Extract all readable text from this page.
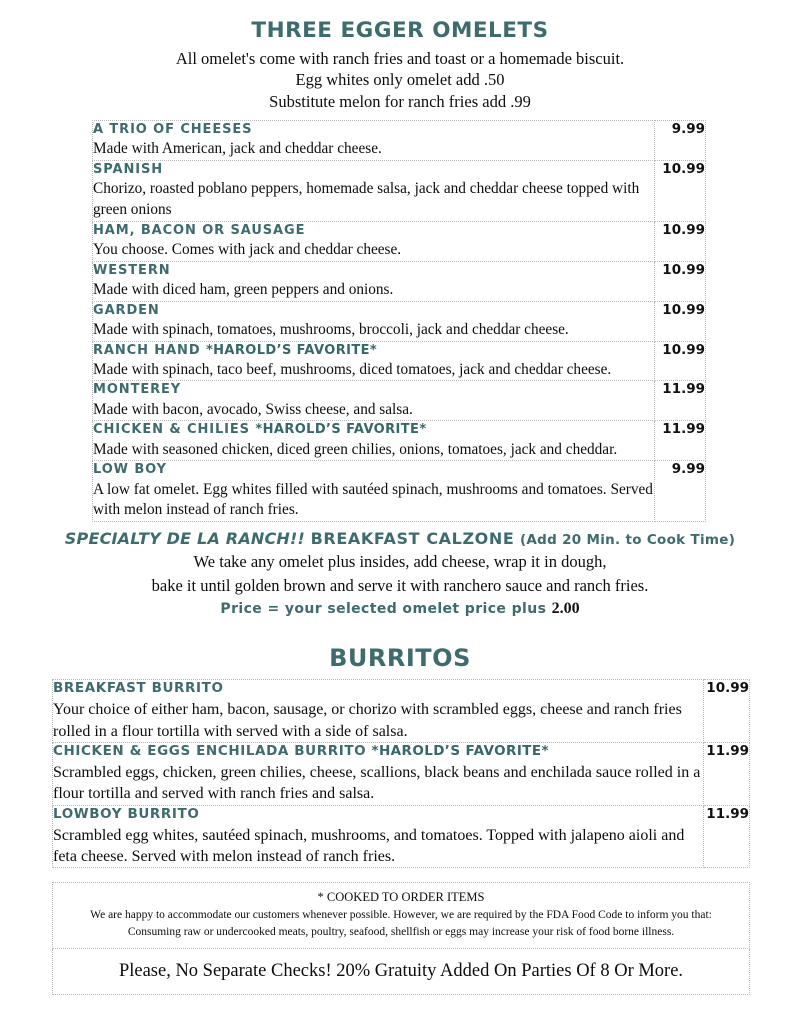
THREE EGGER OMELETS
All omelet's come with ranch fries and toast or a homemade biscuit.
Egg whites only omelet add .50
Substitute melon for ranch fries add .99
A TRIO OF CHEESES
Made with American, jack and cheddar cheese.	9.99

SPANISH
Chorizo, roasted poblano peppers, homemade salsa, jack and cheddar cheese topped with green onions	10.99

HAM, BACON OR SAUSAGE
You choose. Comes with jack and cheddar cheese.	10.99

WESTERN
Made with diced ham, green peppers and onions.	10.99

GARDEN
Made with spinach, tomatoes, mushrooms, broccoli, jack and cheddar cheese.	10.99

RANCH HAND *HAROLD’S FAVORITE*
Made with spinach, taco beef, mushrooms, diced tomatoes, jack and cheddar cheese.	10.99

MONTEREY
Made with bacon, avocado, Swiss cheese, and salsa.	11.99

CHICKEN & CHILIES *HAROLD’S FAVORITE*
Made with seasoned chicken, diced green chilies, onions, tomatoes, jack and cheddar.	11.99

LOW BOY
A low fat omelet. Egg whites filled with sautéed spinach, mushrooms and tomatoes. Served with melon instead of ranch fries.	9.99
SPECIALTY DE LA RANCH!! BREAKFAST CALZONE (Add 20 Min. to Cook Time)
We take any omelet plus insides, add cheese, wrap it in dough,
bake it until golden brown and serve it with ranchero sauce and ranch fries.
Price = your selected omelet price plus 2.00
BURRITOS
BREAKFAST BURRITO
Your choice of either ham, bacon, sausage, or chorizo with scrambled eggs, cheese and ranch fries rolled in a flour tortilla with served with a side of salsa.	10.99

CHICKEN & EGGS ENCHILADA BURRITO *HAROLD’S FAVORITE*
Scrambled eggs, chicken, green chilies, cheese, scallions, black beans and enchilada sauce rolled in a flour tortilla and served with ranch fries and salsa.	11.99

LOWBOY BURRITO
Scrambled egg whites, sautéed spinach, mushrooms, and tomatoes. Topped with jalapeno aioli and feta cheese. Served with melon instead of ranch fries.	11.99
* COOKED TO ORDER ITEMS
We are happy to accommodate our customers whenever possible. However, we are required by the FDA Food Code to inform you that:
Consuming raw or undercooked meats, poultry, seafood, shellfish or eggs may increase your risk of food borne illness.

Please, No Separate Checks! 20% Gratuity Added On Parties Of 8 Or More.
